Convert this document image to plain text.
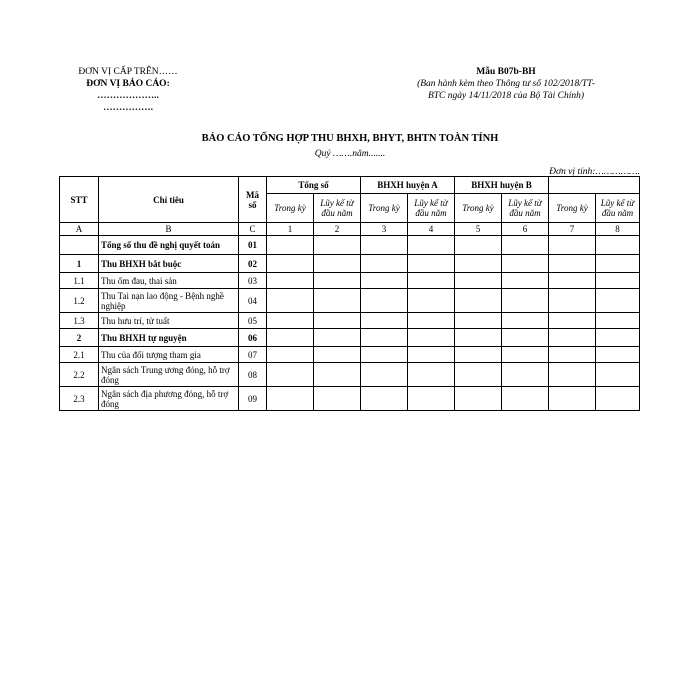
ĐƠN VỊ CẤP TRÊN……
ĐƠN VỊ BÁO CÁO:
………………..
…………….
Mẫu B07b-BH
(Ban hành kèm theo Thông tư số 102/2018/TT-
BTC ngày 14/11/2018 của Bộ Tài Chính)
BÁO CÁO TỔNG HỢP THU BHXH, BHYT, BHTN TOÀN TỈNH
Quý …….năm.......
Đơn vị tính:…………….
STT	Chỉ tiêu	Mã số	Tổng số		BHXH huyện A		BHXH huyện B			
			Trong kỳ	Lũy kế từ đầu năm	Trong kỳ	Lũy kế từ đầu năm	Trong kỳ	Lũy kế từ đầu năm	Trong kỳ	Lũy kế từ đầu năm
A	B	C	1	2	3	4	5	6	7	8
	Tổng số thu đề nghị quyết toán	01								
1	Thu BHXH bắt buộc	02								
1.1	Thu ốm đau, thai sản	03								
1.2	Thu Tai nạn lao động - Bệnh nghề nghiệp	04								
1.3	Thu hưu trí, tử tuất	05								
2	Thu BHXH tự nguyện	06								
2.1	Thu của đối tượng tham gia	07								
2.2	Ngân sách Trung ương đóng, hỗ trợ đóng	08								
2.3	Ngân sách địa phương đóng, hỗ trợ đóng	09								
